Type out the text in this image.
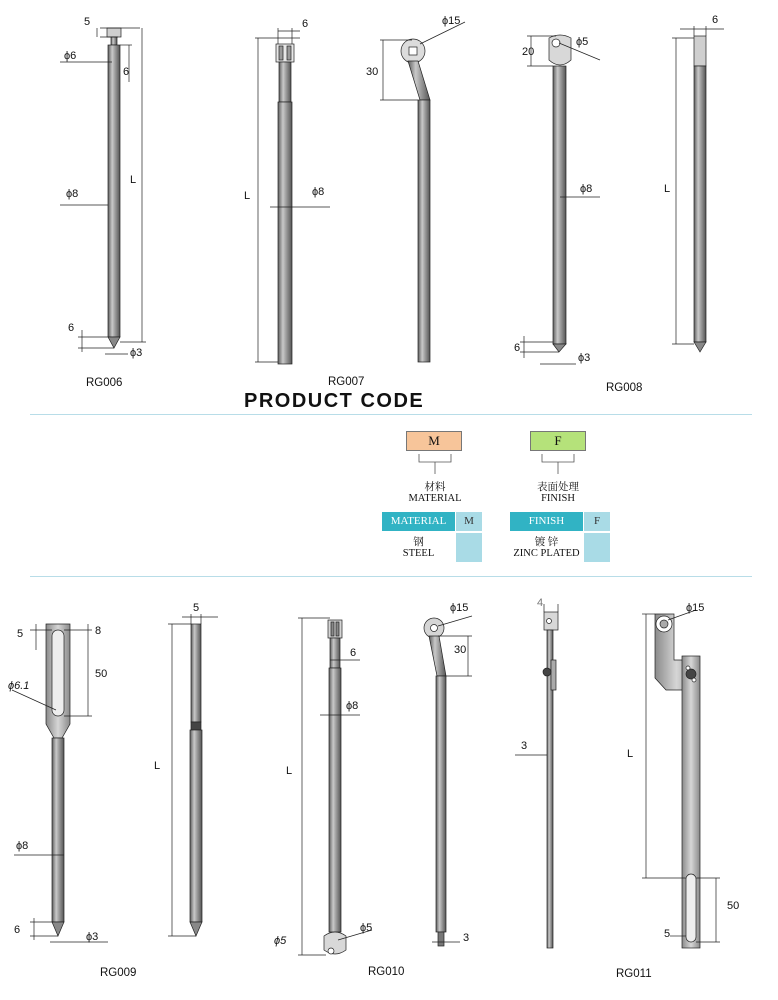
5
ϕ6
6
L
ϕ8
6
ϕ3
RG006
6
L	ϕ8
RG007
ϕ15
30
ϕ5
20
ϕ8
6
ϕ3
RG008
6
L
PRODUCT CODE
M	F
材料
MATERIAL
表面处理
FINISH
MATERIAL	M
钢
STEEL
FINISH	F
镀 锌
ZINC PLATED
5	8
50
ϕ6.1
ϕ8
6
ϕ3
RG009
5
L
6
ϕ8
L
ϕ5
ϕ5
RG010
ϕ15
30
3
4
3
ϕ15
L
50
5
RG011
